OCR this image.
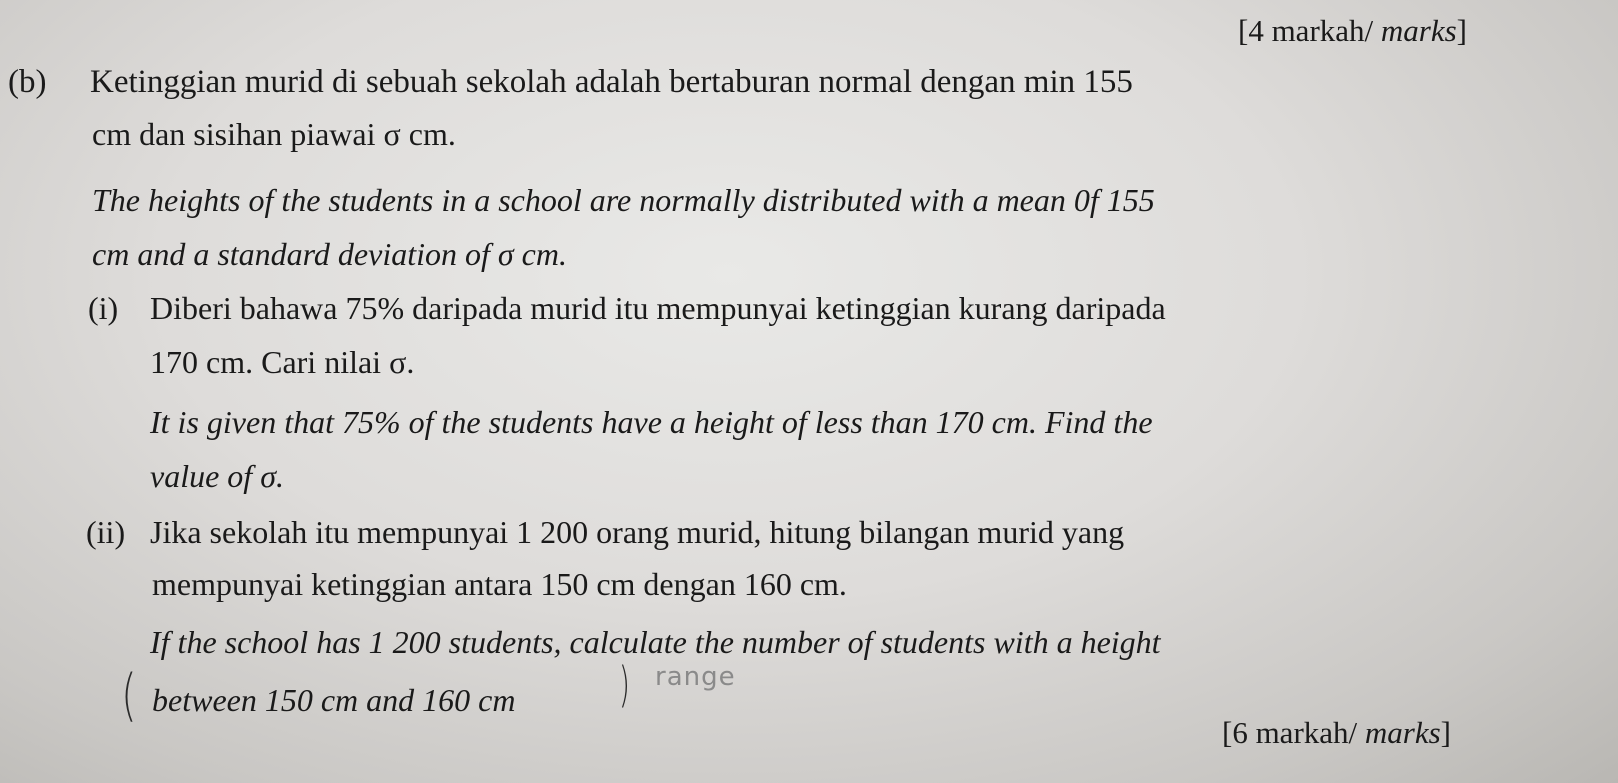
[4 markah/ marks]
(b) Ketinggian murid di sebuah sekolah adalah bertaburan normal dengan min 155
cm dan sisihan piawai σ cm.
The heights of the students in a school are normally distributed with a mean 0f 155
cm and a standard deviation of σ cm.
(i) Diberi bahawa 75% daripada murid itu mempunyai ketinggian kurang daripada
170 cm. Cari nilai σ.
It is given that 75% of the students have a height of less than 170 cm. Find the
value of σ.
(ii) Jika sekolah itu mempunyai 1 200 orang murid, hitung bilangan murid yang
mempunyai ketinggian antara 150 cm dengan 160 cm.
If the school has 1 200 students, calculate the number of students with a height
( between 150 cm and 160 cm ) range
[6 markah/ marks]
